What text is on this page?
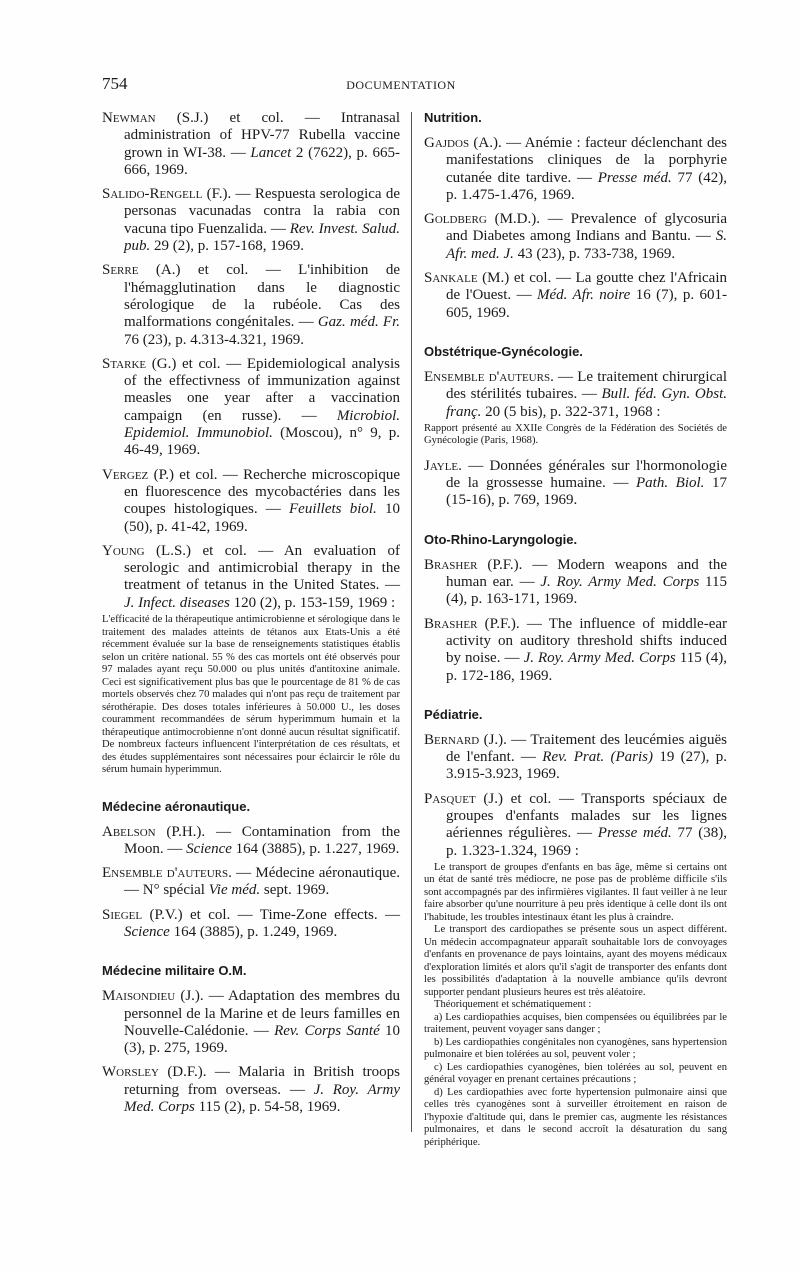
754	DOCUMENTATION

Newman (S.J.) et col. — Intranasal administration of HPV-77 Rubella vaccine grown in WI-38. — Lancet 2 (7622), p. 665-666, 1969.

Salido-Rengell (F.). — Respuesta serologica de personas vacunadas contra la rabia con vacuna tipo Fuenzalida. — Rev. Invest. Salud. pub. 29 (2), p. 157-168, 1969.

Serre (A.) et col. — L'inhibition de l'hémagglutination dans le diagnostic sérologique de la rubéole. Cas des malformations congénitales. — Gaz. méd. Fr. 76 (23), p. 4.313-4.321, 1969.

Starke (G.) et col. — Epidemiological analysis of the effectivness of immunization against measles one year after a vaccination campaign (en russe). — Microbiol. Epidemiol. Immunobiol. (Moscou), n° 9, p. 46-49, 1969.

Vergez (P.) et col. — Recherche microscopique en fluorescence des mycobactéries dans les coupes histologiques. — Feuillets biol. 10 (50), p. 41-42, 1969.

Young (L.S.) et col. — An evaluation of serologic and antimicrobial therapy in the treatment of tetanus in the United States. — J. Infect. diseases 120 (2), p. 153-159, 1969 :

L'efficacité de la thérapeutique antimicrobienne et sérologique dans le traitement des malades atteints de tétanos aux Etats-Unis a été récemment évaluée sur la base de renseignements statistiques établis selon un critère national. 55 % des cas mortels ont été observés pour 97 malades ayant reçu 50.000 ou plus unités d'antitoxine animale. Ceci est significativement plus bas que le pourcentage de 81 % de cas mortels observés chez 70 malades qui n'ont pas reçu de traitement par sérothérapie. Des doses totales inférieures à 50.000 U., les doses couramment recommandées de sérum hyperimmum humain et la thérapeutique antimocrobienne n'ont donné aucun résultat significatif. De nombreux facteurs influencent l'interprétation de ces résultats, et des études supplémentaires sont nécessaires pour éclaircir le rôle du sérum humain hyperimmun.

Médecine aéronautique.

Abelson (P.H.). — Contamination from the Moon. — Science 164 (3885), p. 1.227, 1969.

Ensemble d'auteurs. — Médecine aéronautique. — N° spécial Vie méd. sept. 1969.

Siegel (P.V.) et col. — Time-Zone effects. — Science 164 (3885), p. 1.249, 1969.

Médecine militaire O.M.

Maisondieu (J.). — Adaptation des membres du personnel de la Marine et de leurs familles en Nouvelle-Calédonie. — Rev. Corps Santé 10 (3), p. 275, 1969.

Worsley (D.F.). — Malaria in British troops returning from overseas. — J. Roy. Army Med. Corps 115 (2), p. 54-58, 1969.

Nutrition.

Gajdos (A.). — Anémie : facteur déclenchant des manifestations cliniques de la porphyrie cutanée dite tardive. — Presse méd. 77 (42), p. 1.475-1.476, 1969.

Goldberg (M.D.). — Prevalence of glycosuria and Diabetes among Indians and Bantu. — S. Afr. med. J. 43 (23), p. 733-738, 1969.

Sankale (M.) et col. — La goutte chez l'Africain de l'Ouest. — Méd. Afr. noire 16 (7), p. 601-605, 1969.

Obstétrique-Gynécologie.

Ensemble d'auteurs. — Le traitement chirurgical des stérilités tubaires. — Bull. féd. Gyn. Obst. franç. 20 (5 bis), p. 322-371, 1968 :

Rapport présenté au XXIIe Congrès de la Fédération des Sociétés de Gynécologie (Paris, 1968).

Jayle. — Données générales sur l'hormonologie de la grossesse humaine. — Path. Biol. 17 (15-16), p. 769, 1969.

Oto-Rhino-Laryngologie.

Brasher (P.F.). — Modern weapons and the human ear. — J. Roy. Army Med. Corps 115 (4), p. 163-171, 1969.

Brasher (P.F.). — The influence of middle-ear activity on auditory threshold shifts induced by noise. — J. Roy. Army Med. Corps 115 (4), p. 172-186, 1969.

Pédiatrie.

Bernard (J.). — Traitement des leucémies aiguës de l'enfant. — Rev. Prat. (Paris) 19 (27), p. 3.915-3.923, 1969.

Pasquet (J.) et col. — Transports spéciaux de groupes d'enfants malades sur les lignes aériennes régulières. — Presse méd. 77 (38), p. 1.323-1.324, 1969 :

Le transport de groupes d'enfants en bas âge, même si certains ont un état de santé très médiocre, ne pose pas de problème difficile s'ils sont accompagnés par des infirmières vigilantes. Il faut veiller à ne leur faire absorber qu'une nourriture à peu près identique à celle dont ils ont l'habitude, les troubles intestinaux étant les plus à craindre.

Le transport des cardiopathes se présente sous un aspect différent. Un médecin accompagnateur apparaît souhaitable lors de convoyages d'enfants en provenance de pays lointains, ayant des moyens médicaux d'exploration limités et alors qu'il s'agit de transporter des enfants dont les possibilités d'adaptation à la nouvelle ambiance qu'ils devront supporter pendant plusieurs heures est très aléatoire.

Théoriquement et schématiquement :

a) Les cardiopathies acquises, bien compensées ou équilibrées par le traitement, peuvent voyager sans danger ;

b) Les cardiopathies congénitales non cyanogènes, sans hypertension pulmonaire et bien tolérées au sol, peuvent voler ;

c) Les cardiopathies cyanogènes, bien tolérées au sol, peuvent en général voyager en prenant certaines précautions ;

d) Les cardiopathies avec forte hypertension pulmonaire ainsi que celles très cyanogènes sont à surveiller étroitement en raison de l'hypoxie d'altitude qui, dans le premier cas, augmente les résistances pulmonaires, et dans le second accroît la désaturation du sang périphérique.
